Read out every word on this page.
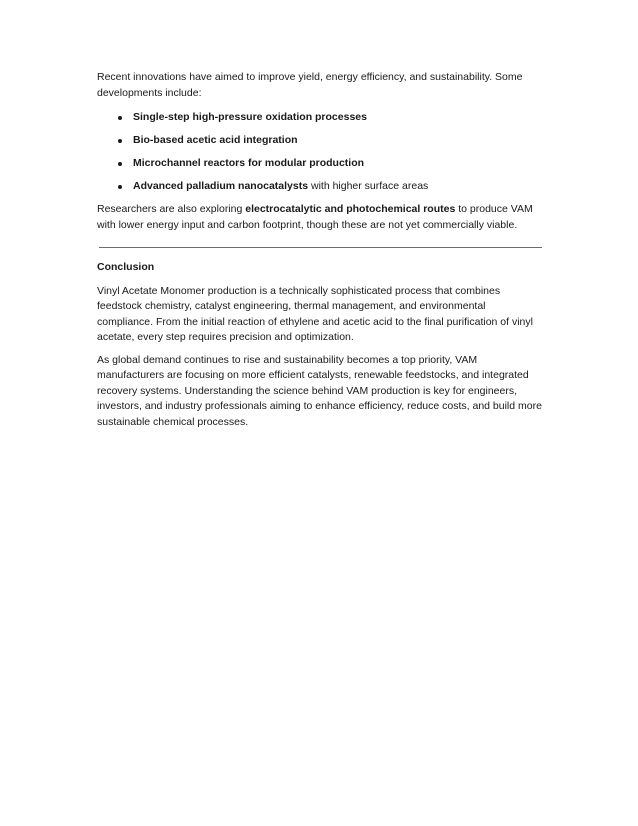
Recent innovations have aimed to improve yield, energy efficiency, and sustainability. Some developments include:

Single-step high-pressure oxidation processes
Bio-based acetic acid integration
Microchannel reactors for modular production
Advanced palladium nanocatalysts with higher surface areas

Researchers are also exploring electrocatalytic and photochemical routes to produce VAM with lower energy input and carbon footprint, though these are not yet commercially viable.

Conclusion

Vinyl Acetate Monomer production is a technically sophisticated process that combines feedstock chemistry, catalyst engineering, thermal management, and environmental compliance. From the initial reaction of ethylene and acetic acid to the final purification of vinyl acetate, every step requires precision and optimization.

As global demand continues to rise and sustainability becomes a top priority, VAM manufacturers are focusing on more efficient catalysts, renewable feedstocks, and integrated recovery systems. Understanding the science behind VAM production is key for engineers, investors, and industry professionals aiming to enhance efficiency, reduce costs, and build more sustainable chemical processes.
